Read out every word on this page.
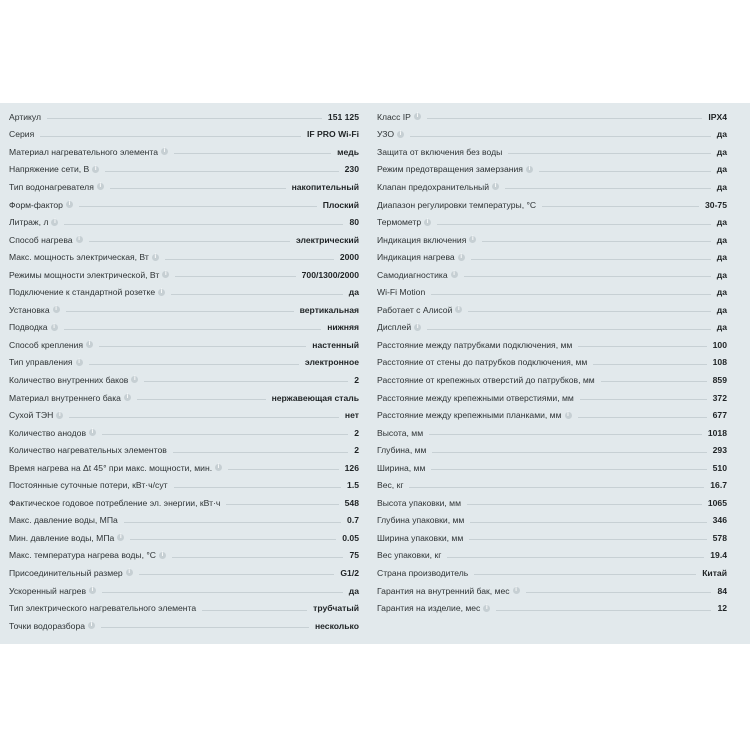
Артикул	151 125
Серия	IF PRO Wi-Fi
Материал нагревательного элемента i	медь
Напряжение сети, В i	230
Тип водонагревателя i	накопительный
Форм-фактор i	Плоский
Литраж, л i	80
Способ нагрева i	электрический
Макс. мощность электрическая, Вт i	2000
Режимы мощности электрической, Вт i	700/1300/2000
Подключение к стандартной розетке i	да
Установка i	вертикальная
Подводка i	нижняя
Способ крепления i	настенный
Тип управления i	электронное
Количество внутренних баков i	2
Материал внутреннего бака i	нержавеющая сталь
Сухой ТЭН i	нет
Количество анодов i	2
Количество нагревательных элементов	2
Время нагрева на Δt 45° при макс. мощности, мин. i	126
Постоянные суточные потери, кВт·ч/сут	1.5
Фактическое годовое потребление эл. энергии, кВт·ч	548
Макс. давление воды, МПа	0.7
Мин. давление воды, МПа i	0.05
Макс. температура нагрева воды, °С i	75
Присоединительный размер i	G1/2
Ускоренный нагрев i	да
Тип электрического нагревательного элемента	трубчатый
Точки водоразбора i	несколько
Класс IP i	IPX4
УЗО i	да
Защита от включения без воды	да
Режим предотвращения замерзания i	да
Клапан предохранительный i	да
Диапазон регулировки температуры, °С	30-75
Термометр i	да
Индикация включения i	да
Индикация нагрева i	да
Самодиагностика i	да
Wi-Fi Motion	да
Работает с Алисой i	да
Дисплей i	да
Расстояние между патрубками подключения, мм	100
Расстояние от стены до патрубков подключения, мм	108
Расстояние от крепежных отверстий до патрубков, мм	859
Расстояние между крепежными отверстиями, мм	372
Расстояние между крепежными планками, мм i	677
Высота, мм	1018
Глубина, мм	293
Ширина, мм	510
Вес, кг	16.7
Высота упаковки, мм	1065
Глубина упаковки, мм	346
Ширина упаковки, мм	578
Вес упаковки, кг	19.4
Страна производитель	Китай
Гарантия на внутренний бак, мес i	84
Гарантия на изделие, мес i	12
